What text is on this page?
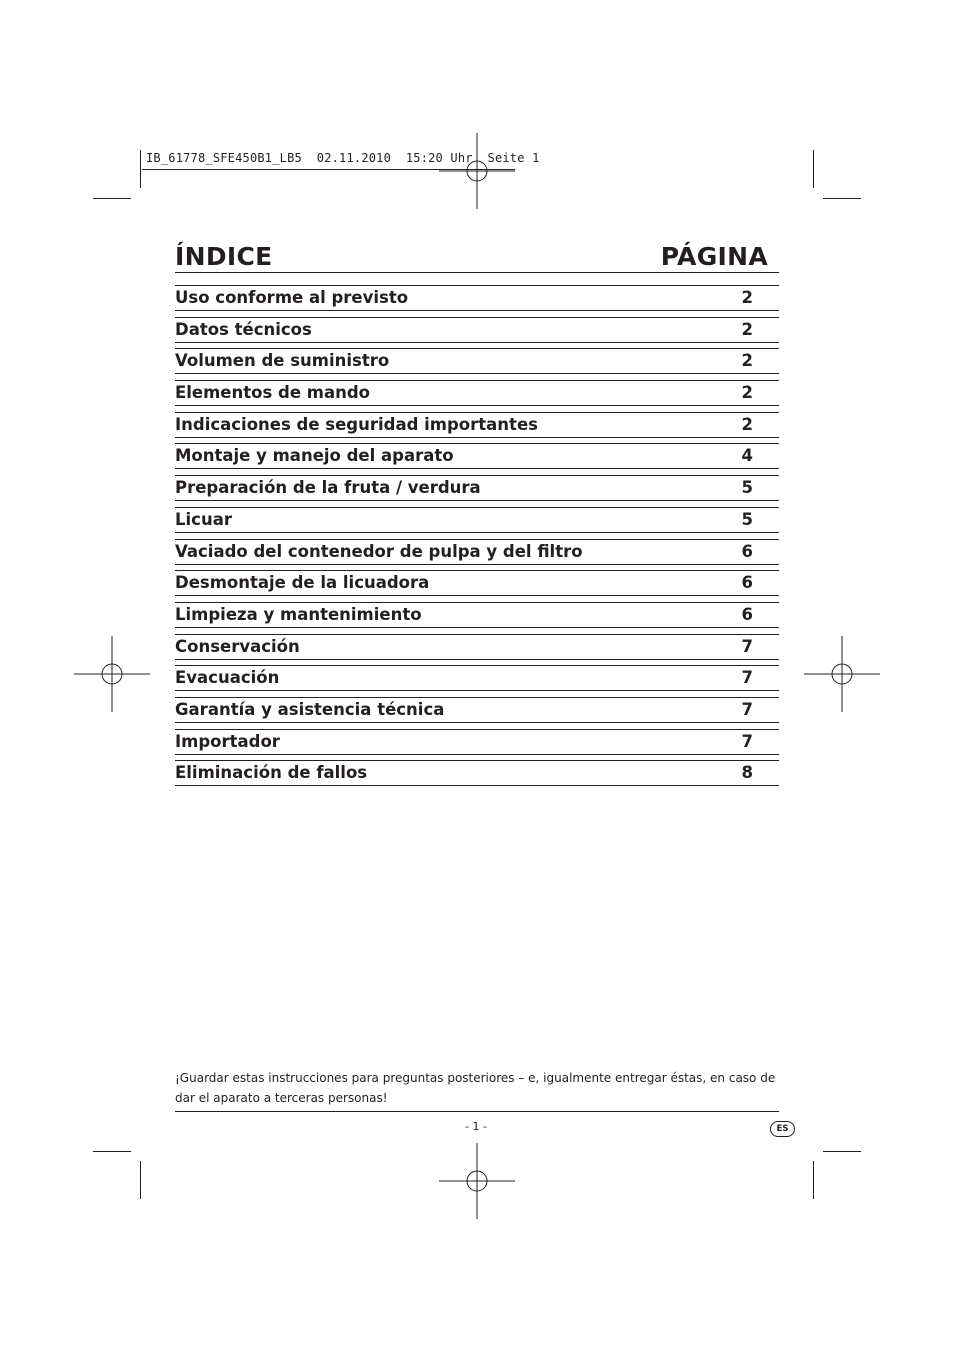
IB_61778_SFE450B1_LB5  02.11.2010  15:20 Uhr  Seite 1
ÍNDICE	PÁGINA
Uso conforme al previsto	2
Datos técnicos	2
Volumen de suministro	2
Elementos de mando	2
Indicaciones de seguridad importantes	2
Montaje y manejo del aparato	4
Preparación de la fruta / verdura	5
Licuar	5
Vaciado del contenedor de pulpa y del filtro	6
Desmontaje de la licuadora	6
Limpieza y mantenimiento	6
Conservación	7
Evacuación	7
Garantía y asistencia técnica	7
Importador	7
Eliminación de fallos	8
¡Guardar estas instrucciones para preguntas posteriores – e, igualmente entregar éstas, en caso de dar el aparato a terceras personas!
- 1 -	ES
